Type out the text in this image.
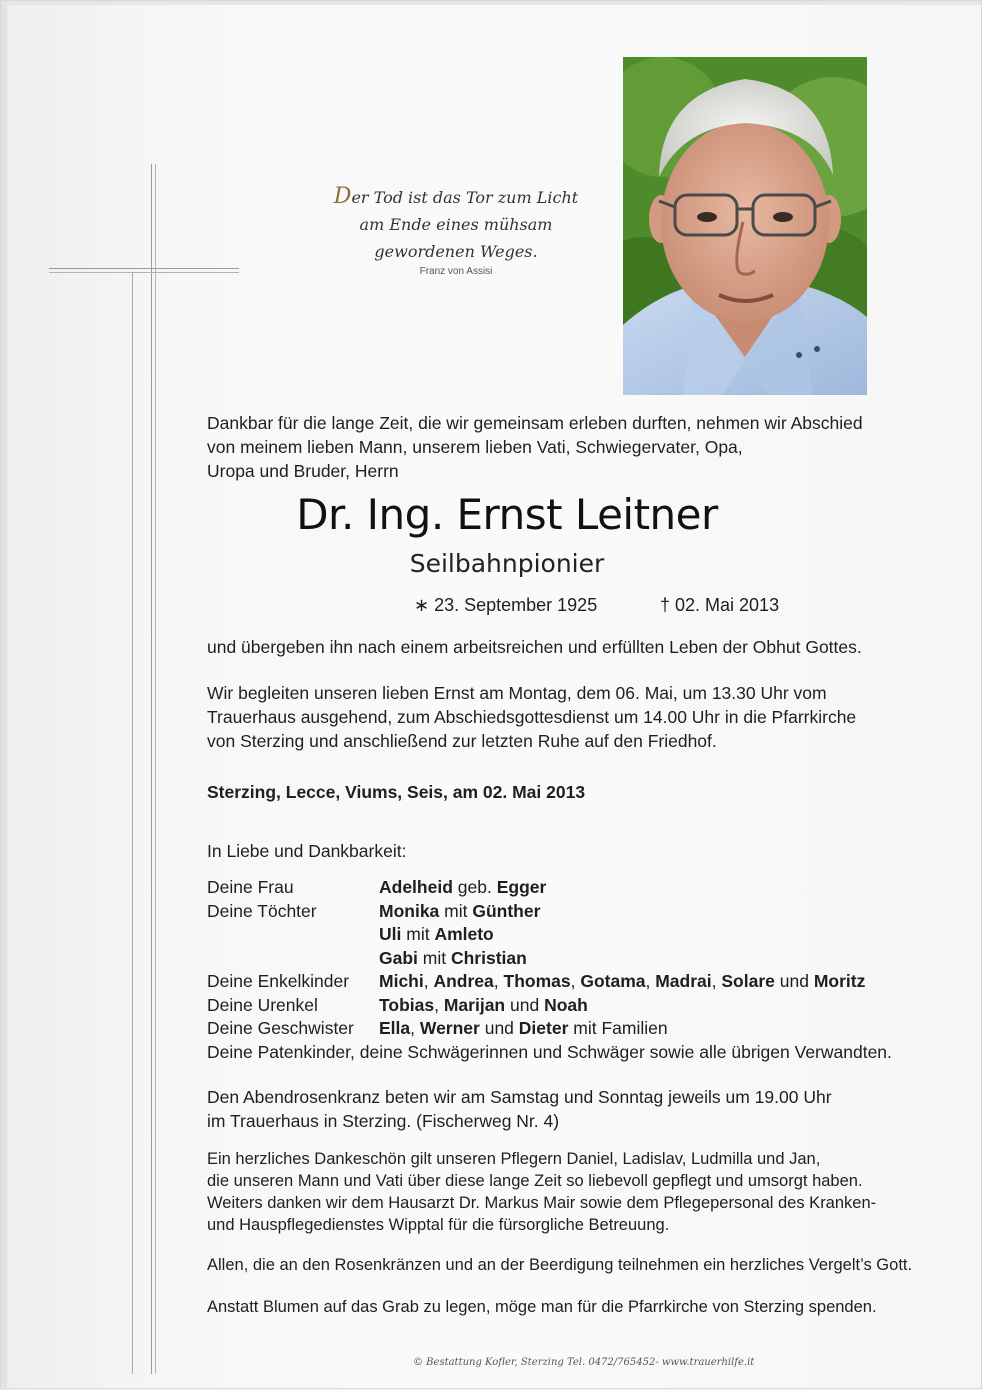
Der Tod ist das Tor zum Licht
am Ende eines mühsam
gewordenen Weges.
Franz von Assisi
Dankbar für die lange Zeit, die wir gemeinsam erleben durften, nehmen wir Abschied
von meinem lieben Mann, unserem lieben Vati, Schwiegervater, Opa,
Uropa und Bruder, Herrn
Dr. Ing. Ernst Leitner
Seilbahnpionier
∗ 23. September 1925	† 02. Mai 2013
und übergeben ihn nach einem arbeitsreichen und erfüllten Leben der Obhut Gottes.
Wir begleiten unseren lieben Ernst am Montag, dem 06. Mai, um 13.30 Uhr vom
Trauerhaus ausgehend, zum Abschiedsgottesdienst um 14.00 Uhr in die Pfarrkirche
von Sterzing und anschließend zur letzten Ruhe auf den Friedhof.
Sterzing, Lecce, Viums, Seis, am 02. Mai 2013
In Liebe und Dankbarkeit:
Deine Frau	Adelheid geb. Egger
Deine Töchter	Monika mit Günther
Uli mit Amleto
Gabi mit Christian
Deine Enkelkinder	Michi, Andrea, Thomas, Gotama, Madrai, Solare und Moritz
Deine Urenkel	Tobias, Marijan und Noah
Deine Geschwister	Ella, Werner und Dieter mit Familien
Deine Patenkinder, deine Schwägerinnen und Schwäger sowie alle übrigen Verwandten.
Den Abendrosenkranz beten wir am Samstag und Sonntag jeweils um 19.00 Uhr
im Trauerhaus in Sterzing. (Fischerweg Nr. 4)
Ein herzliches Dankeschön gilt unseren Pflegern Daniel, Ladislav, Ludmilla und Jan,
die unseren Mann und Vati über diese lange Zeit so liebevoll gepflegt und umsorgt haben.
Weiters danken wir dem Hausarzt Dr. Markus Mair sowie dem Pflegepersonal des Kranken-
und Hauspflegedienstes Wipptal für die fürsorgliche Betreuung.
Allen, die an den Rosenkränzen und an der Beerdigung teilnehmen ein herzliches Vergelt’s Gott.
Anstatt Blumen auf das Grab zu legen, möge man für die Pfarrkirche von Sterzing spenden.
© Bestattung Kofler, Sterzing Tel. 0472/765452- www.trauerhilfe.it
